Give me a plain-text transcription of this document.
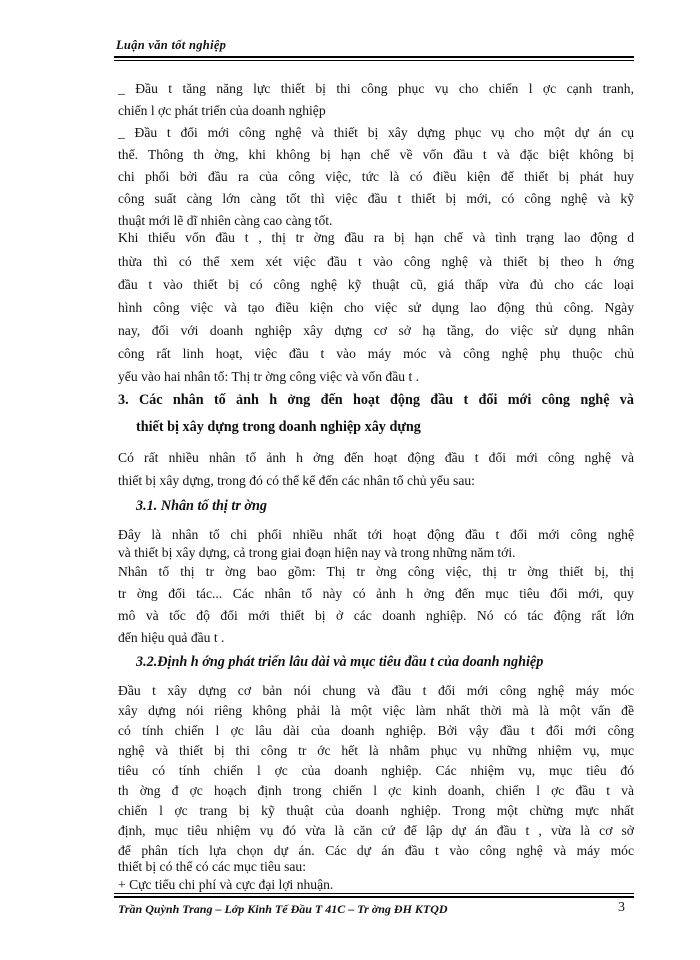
Luận văn tốt nghiệp
_ Đầu t tăng năng lực thiết bị thi công phục vụ cho chiến l ợc cạnh tranh,
chiến l ợc phát triển của doanh nghiệp
_ Đầu t đổi mới công nghệ và thiết bị xây dựng phục vụ cho một dự án cụ
thể. Thông th ờng, khi không bị hạn chế về vốn đầu t và đặc biệt không bị
chi phối bởi đầu ra của công việc, tức là có điều kiện để thiết bị phát huy
công suất càng lớn càng tốt thì việc đầu t thiết bị mới, có công nghệ và kỹ
thuật mới lẽ dĩ nhiên càng cao càng tốt.
Khi thiếu vốn đầu t , thị tr ờng đầu ra bị hạn chế và tình trạng lao động d
thừa thì có thể xem xét việc đầu t vào công nghệ và thiết bị theo h ớng
đầu t vào thiết bị có công nghệ kỹ thuật cũ, giá thấp vừa đủ cho các loại
hình công việc và tạo điều kiện cho việc sử dụng lao động thủ công. Ngày
nay, đối với doanh nghiệp xây dựng cơ sở hạ tầng, do việc sử dụng nhân
công rất linh hoạt, việc đầu t vào máy móc và công nghệ phụ thuộc chủ
yếu vào hai nhân tố: Thị tr ờng công việc và vốn đầu t .
3. Các nhân tố ảnh h ởng đến hoạt động đầu t đổi mới công nghệ và
thiết bị xây dựng trong doanh nghiệp xây dựng
Có rất nhiều nhân tố ảnh h ởng đến hoạt động đầu t đổi mới công nghệ và
thiết bị xây dựng, trong đó có thể kể đến các nhân tố chủ yếu sau:
3.1. Nhân tố thị tr ờng
Đây là nhân tố chi phối nhiều nhất tới hoạt động đầu t đổi mới công nghệ
và thiết bị xây dựng, cả trong giai đoạn hiện nay và trong những năm tới.
Nhân tố thị tr ờng bao gồm: Thị tr ờng công việc, thị tr ờng thiết bị, thị
tr ờng đối tác... Các nhân tố này có ảnh h ởng đến mục tiêu đổi mới, quy
mô và tốc độ đổi mới thiết bị ở các doanh nghiệp. Nó có tác động rất lớn
đến hiệu quả đầu t .
3.2.Định h ớng phát triển lâu dài và mục tiêu đầu t của doanh nghiệp
Đầu t xây dựng cơ bản nói chung và đầu t đổi mới công nghệ máy móc
xây dựng nói riêng không phải là một việc làm nhất thời mà là một vấn đề
có tính chiến l ợc lâu dài của doanh nghiệp. Bởi vậy đầu t đổi mới công
nghệ và thiết bị thi công tr ớc hết là nhằm phục vụ những nhiệm vụ, mục
tiêu có tính chiến l ợc của doanh nghiệp. Các nhiệm vụ, mục tiêu đó
th ờng đ ợc hoạch định trong chiến l ợc kinh doanh, chiến l ợc đầu t và
chiến l ợc trang bị kỹ thuật của doanh nghiệp. Trong một chừng mực nhất
định, mục tiêu nhiệm vụ đó vừa là căn cứ để lập dự án đầu t , vừa là cơ sở
để phân tích lựa chọn dự án. Các dự án đầu t vào công nghệ và máy móc
thiết bị có thể có các mục tiêu sau:
+ Cực tiểu chi phí và cực đại lợi nhuận.
Trần Quỳnh Trang – Lớp Kinh Tế Đầu T 41C – Tr ờng ĐH KTQD	3
